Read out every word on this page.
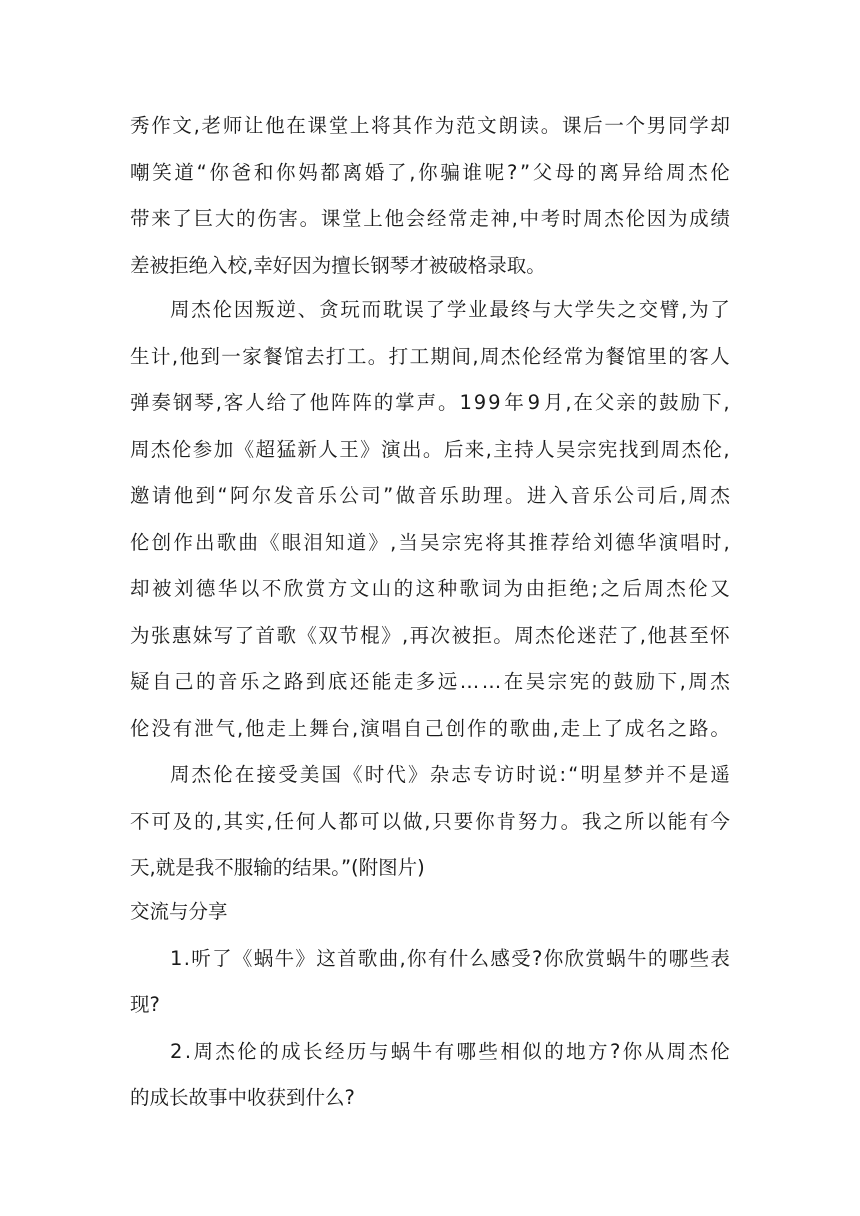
秀 作 文 , 老 师 让 他 在 课 堂 上 将 其 作 为 范 文 朗 读 。 课 后 一 个 男 同 学 却
嘲 笑 道 “ 你 爸 和 你 妈 都 离 婚 了 , 你 骗 谁 呢 ? ” 父 母 的 离 异 给 周 杰 伦
带 来 了 巨 大 的 伤 害 。 课 堂 上 他 会 经 常 走 神 , 中 考 时 周 杰 伦 因 为 成 绩
差被拒绝入校,幸好因为擅长钢琴才被破格录取。
周 杰 伦 因 叛 逆 、 贪 玩 而 耽 误 了 学 业 最 终 与 大 学 失 之 交 臂 , 为 了
生 计 , 他 到 一 家 餐 馆 去 打 工 。 打 工 期 间 , 周 杰 伦 经 常 为 餐 馆 里 的 客 人
弹 奏 钢 琴 , 客 人 给 了 他 阵 阵 的 掌 声 。 1 9 9 年 9 月 , 在 父 亲 的 鼓 励 下 ,
周 杰 伦 参 加 《 超 猛 新 人 王 》 演 出 。 后 来 , 主 持 人 吴 宗 宪 找 到 周 杰 伦 ,
邀 请 他 到 “ 阿 尔 发 音 乐 公 司 ” 做 音 乐 助 理 。 进 入 音 乐 公 司 后 , 周 杰
伦 创 作 出 歌 曲 《 眼 泪 知 道 》 , 当 吴 宗 宪 将 其 推 荐 给 刘 德 华 演 唱 时 ,
却 被 刘 德 华 以 不 欣 赏 方 文 山 的 这 种 歌 词 为 由 拒 绝 ; 之 后 周 杰 伦 又
为 张 惠 妹 写 了 首 歌 《 双 节 棍 》 , 再 次 被 拒 。 周 杰 伦 迷 茫 了 , 他 甚 至 怀
疑 自 己 的 音 乐 之 路 到 底 还 能 走 多 远 … … 在 吴 宗 宪 的 鼓 励 下 , 周 杰
伦 没 有 泄 气 , 他 走 上 舞 台 , 演 唱 自 己 创 作 的 歌 曲 , 走 上 了 成 名 之 路 。
周 杰 伦 在 接 受 美 国 《 时 代 》 杂 志 专 访 时 说 : “ 明 星 梦 并 不 是 遥
不 可 及 的 , 其 实 , 任 何 人 都 可 以 做 , 只 要 你 肯 努 力 。 我 之 所 以 能 有 今
天,就是我不服输的结果。”(附图片)
交流与分享
1 . 听 了 《 蜗 牛 》 这 首 歌 曲 , 你 有 什 么 感 受 ? 你 欣 赏 蜗 牛 的 哪 些 表
现?
2 . 周 杰 伦 的 成 长 经 历 与 蜗 牛 有 哪 些 相 似 的 地 方 ? 你 从 周 杰 伦
的成长故事中收获到什么?
